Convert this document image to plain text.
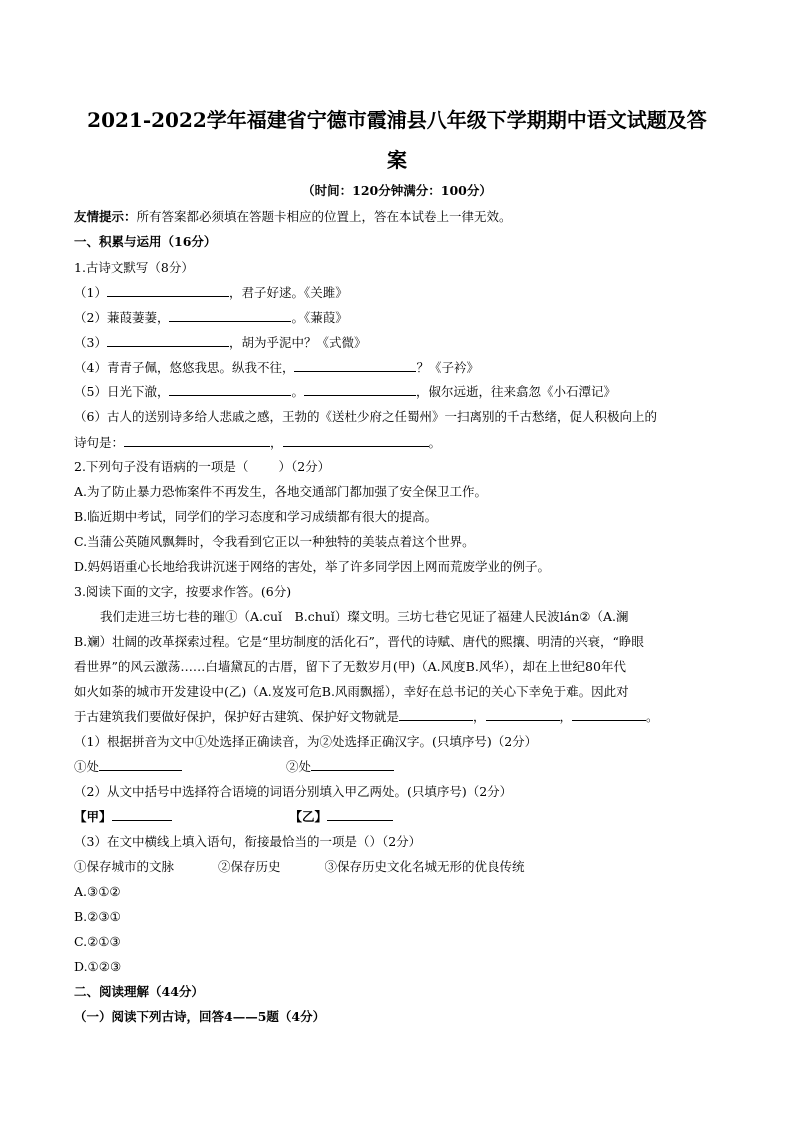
2021-2022学年福建省宁德市霞浦县八年级下学期期中语文试题及答
案
（时间：120分钟满分：100分）
友情提示：所有答案都必须填在答题卡相应的位置上，答在本试卷上一律无效。
一、积累与运用（16分）
1.古诗文默写（8分）
（1）	，君子好逑。《关雎》
（2）蒹葭萋萋，	。《蒹葭》
（3）	，胡为乎泥中？《式微》
（4）青青子佩，悠悠我思。纵我不往，	？《子衿》
（5）日光下澈，	。	，俶尔远逝，往来翕忽《小石潭记》
（6）古人的送别诗多给人悲戚之感，王勃的《送杜少府之任蜀州》一扫离别的千古愁绪，促人积极向上的
诗句是：	，	。
2.下列句子没有语病的一项是（ ）（2分）
A.为了防止暴力恐怖案件不再发生，各地交通部门都加强了安全保卫工作。
B.临近期中考试，同学们的学习态度和学习成绩都有很大的提高。
C.当蒲公英随风飘舞时，令我看到它正以一种独特的美装点着这个世界。
D.妈妈语重心长地给我讲沉迷于网络的害处，举了许多同学因上网而荒废学业的例子。
3.阅读下面的文字，按要求作答。(6分)
我们走进三坊七巷的璀①（A.cuǐ　B.chuǐ）璨文明。三坊七巷它见证了福建人民波lán②（A.澜
B.斓）壮阔的改革探索过程。它是“里坊制度的活化石”，晋代的诗赋、唐代的熙攘、明清的兴衰，“睁眼
看世界”的风云激荡……白墙黛瓦的古厝，留下了无数岁月(甲)（A.风度B.风华），却在上世纪80年代
如火如荼的城市开发建设中(乙)（A.岌岌可危B.风雨飘摇），幸好在总书记的关心下幸免于难。因此对
于古建筑我们要做好保护，保护好古建筑、保护好文物就是	，	，	。
（1）根据拼音为文中①处选择正确读音，为②处选择正确汉字。(只填序号)（2分）
①处	②处
（2）从文中括号中选择符合语境的词语分别填入甲乙两处。(只填序号)（2分）
【甲】	【乙】
（3）在文中横线上填入语句，衔接最恰当的一项是（）（2分）
①保存城市的文脉	②保存历史	③保存历史文化名城无形的优良传统
A.③①②
B.②③①
C.②①③
D.①②③
二、阅读理解（44分）
（一）阅读下列古诗，回答4——5题（4分）
